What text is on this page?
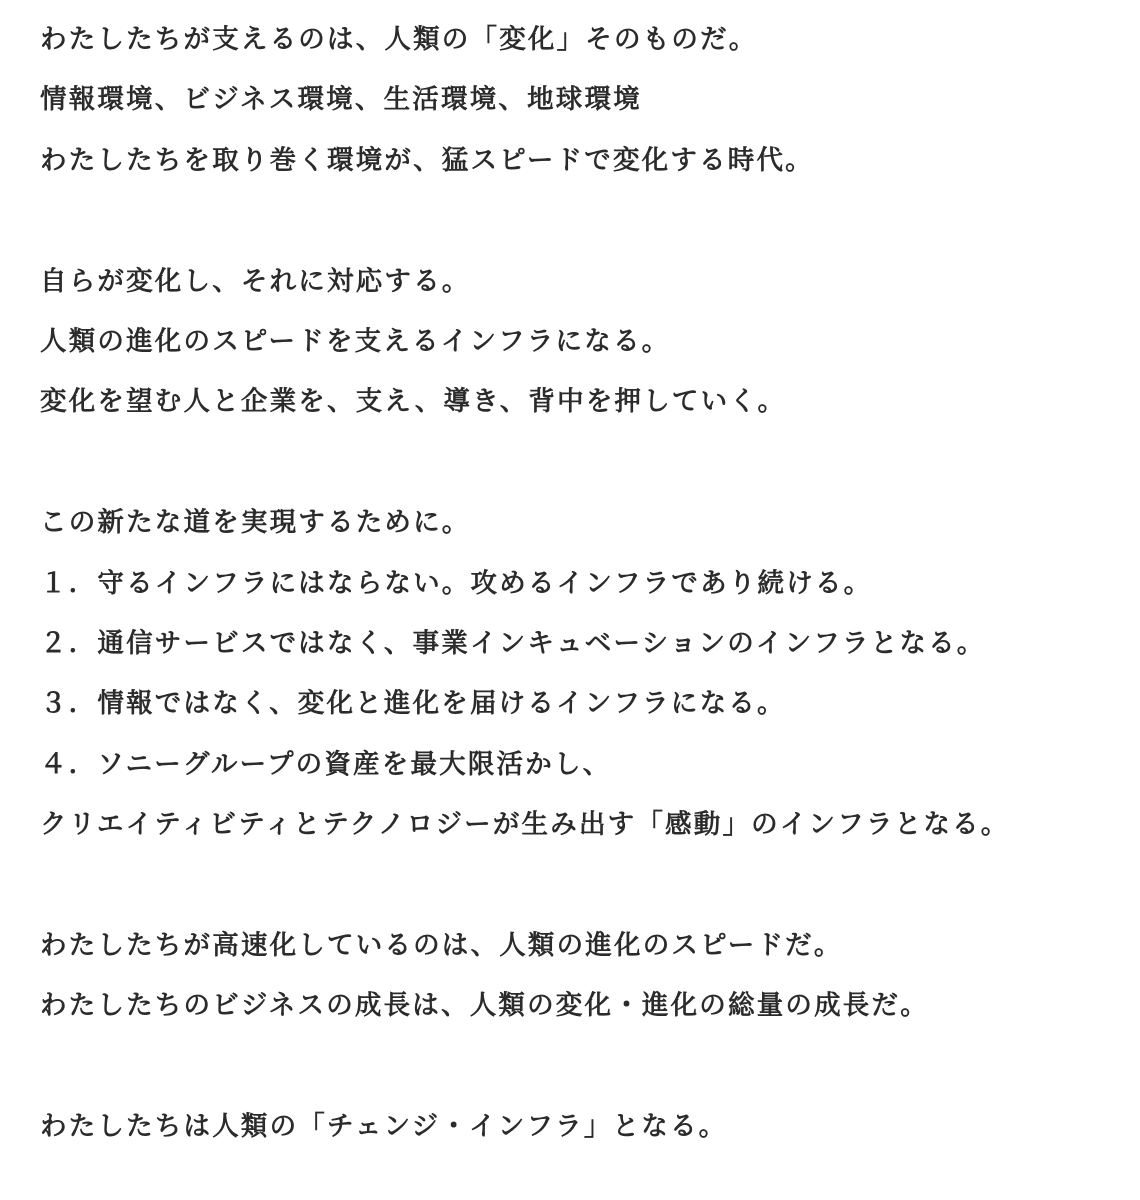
わたしたちが支えるのは、人類の「変化」そのものだ。
情報環境、ビジネス環境、生活環境、地球環境
わたしたちを取り巻く環境が、猛スピードで変化する時代。
自らが変化し、それに対応する。
人類の進化のスピードを支えるインフラになる。
変化を望む人と企業を、支え、導き、背中を押していく。
この新たな道を実現するために。
１．守るインフラにはならない。攻めるインフラであり続ける。
２．通信サービスではなく、事業インキュベーションのインフラとなる。
３．情報ではなく、変化と進化を届けるインフラになる。
４．ソニーグループの資産を最大限活かし、
クリエイティビティとテクノロジーが生み出す「感動」のインフラとなる。
わたしたちが高速化しているのは、人類の進化のスピードだ。
わたしたちのビジネスの成長は、人類の変化・進化の総量の成長だ。
わたしたちは人類の「チェンジ・インフラ」となる。
